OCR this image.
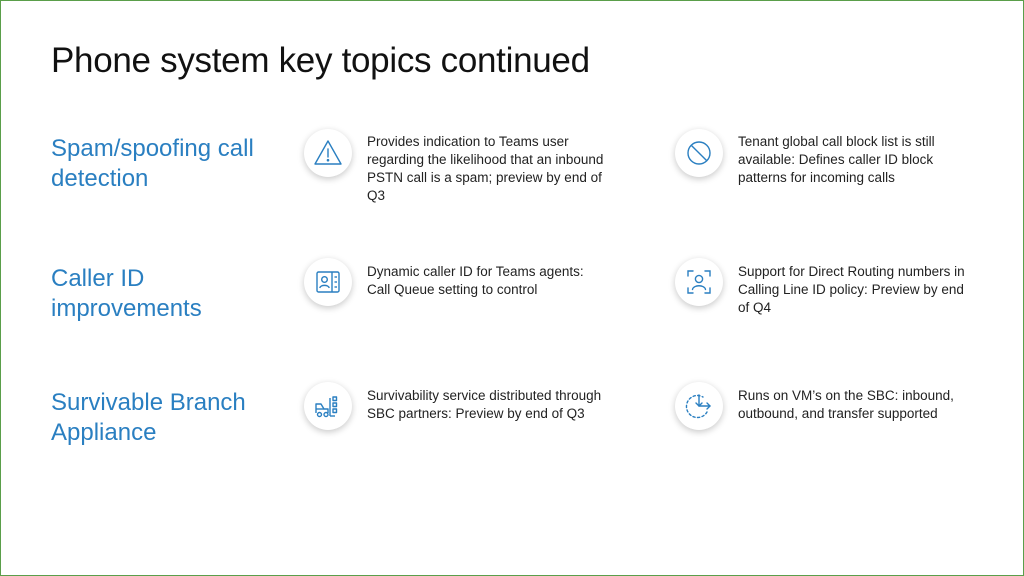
Phone system key topics continued
Spam/spoofing call detection

Provides indication to Teams user regarding the likelihood that an inbound PSTN call is a spam; preview by end of Q3

Tenant global call block list is still available: Defines caller ID block patterns for incoming calls

Caller ID improvements

Dynamic caller ID for Teams agents: Call Queue setting to control

Support for Direct Routing numbers in Calling Line ID policy: Preview by end of Q4

Survivable Branch Appliance

Survivability service distributed through SBC partners: Preview by end of Q3

Runs on VM’s on the SBC: inbound, outbound, and transfer supported
